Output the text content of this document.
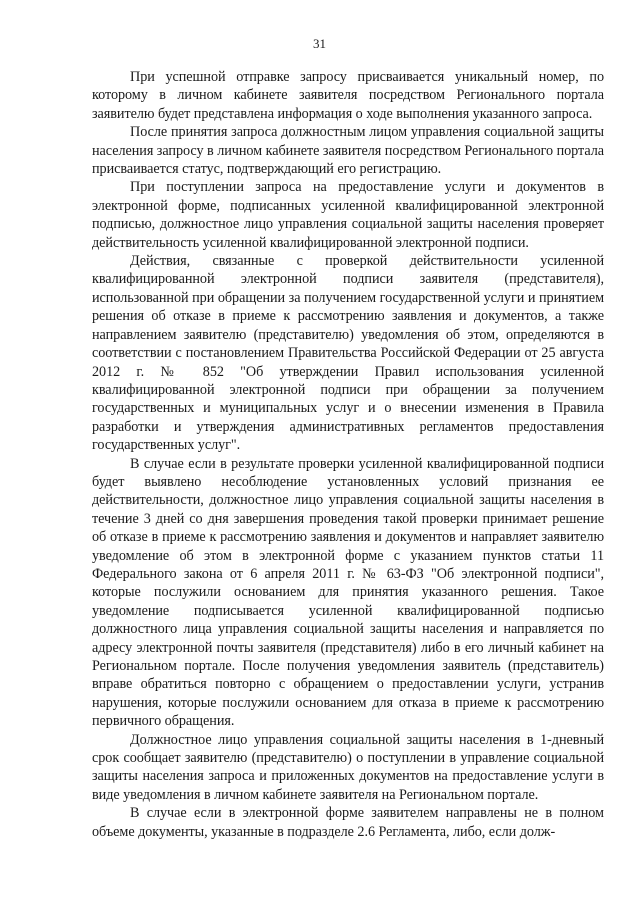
31

При успешной отправке запросу присваивается уникальный номер, по которому в личном кабинете заявителя посредством Регионального портала заявителю будет представлена информация о ходе выполнения указанного запроса.

После принятия запроса должностным лицом управления социальной защиты населения запросу в личном кабинете заявителя посредством Регионального портала присваивается статус, подтверждающий его регистрацию.

При поступлении запроса на предоставление услуги и документов в электронной форме, подписанных усиленной квалифицированной электронной подписью, должностное лицо управления социальной защиты населения проверяет действительность усиленной квалифицированной электронной подписи.

Действия, связанные с проверкой действительности усиленной квалифицированной электронной подписи заявителя (представителя), использованной при обращении за получением государственной услуги и принятием решения об отказе в приеме к рассмотрению заявления и документов, а также направлением заявителю (представителю) уведомления об этом, определяются в соответствии с постановлением Правительства Российской Федерации от 25 августа 2012 г. № 852 "Об утверждении Правил использования усиленной квалифицированной электронной подписи при обращении за получением государственных и муниципальных услуг и о внесении изменения в Правила разработки и утверждения административных регламентов предоставления государственных услуг".

В случае если в результате проверки усиленной квалифицированной подписи будет выявлено несоблюдение установленных условий признания ее действительности, должностное лицо управления социальной защиты населения в течение 3 дней со дня завершения проведения такой проверки принимает решение об отказе в приеме к рассмотрению заявления и документов и направляет заявителю уведомление об этом в электронной форме с указанием пунктов статьи 11 Федерального закона от 6 апреля 2011 г. № 63-ФЗ "Об электронной подписи", которые послужили основанием для принятия указанного решения. Такое уведомление подписывается усиленной квалифицированной подписью должностного лица управления социальной защиты населения и направляется по адресу электронной почты заявителя (представителя) либо в его личный кабинет на Региональном портале. После получения уведомления заявитель (представитель) вправе обратиться повторно с обращением о предоставлении услуги, устранив нарушения, которые послужили основанием для отказа в приеме к рассмотрению первичного обращения.

Должностное лицо управления социальной защиты населения в 1-дневный срок сообщает заявителю (представителю) о поступлении в управление социальной защиты населения запроса и приложенных документов на предоставление услуги в виде уведомления в личном кабинете заявителя на Региональном портале.

В случае если в электронной форме заявителем направлены не в полном объеме документы, указанные в подразделе 2.6 Регламента, либо, если долж-
